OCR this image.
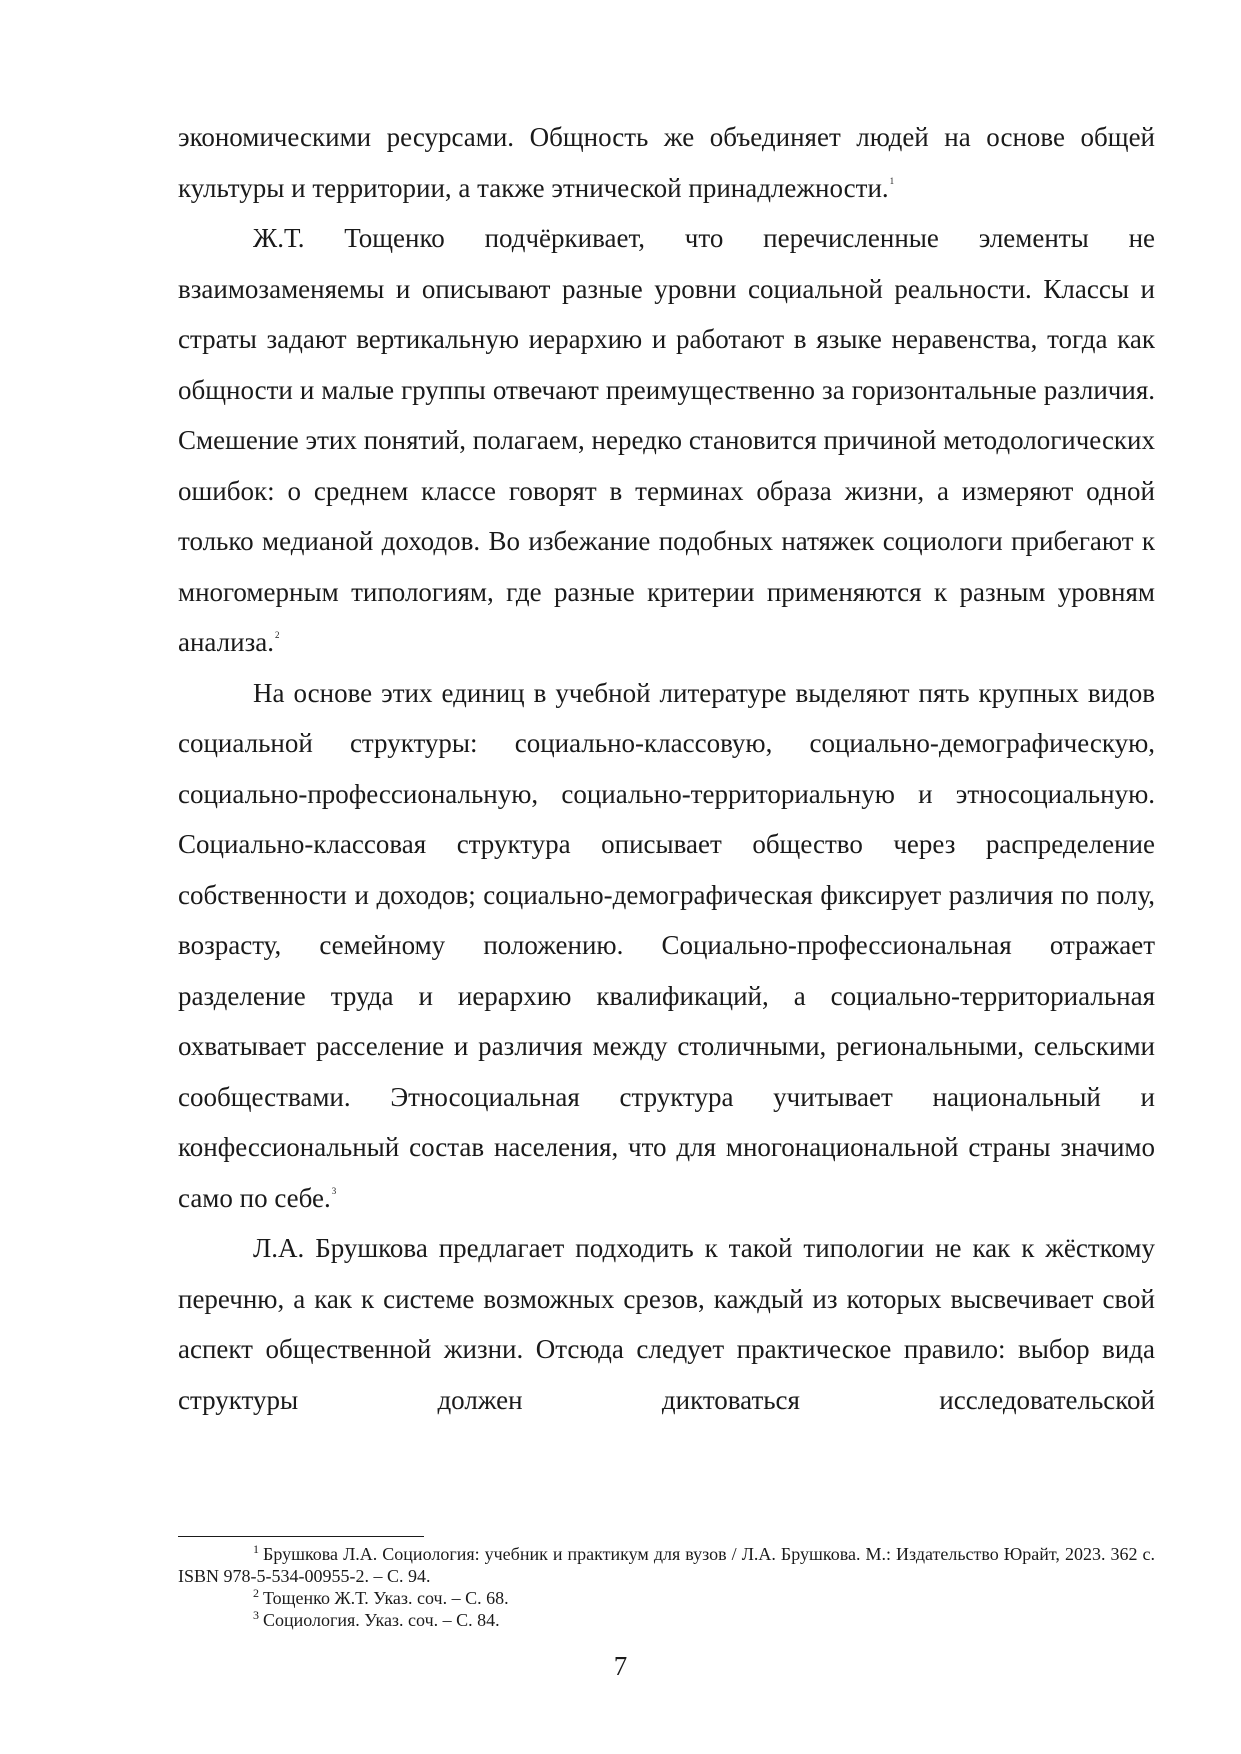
экономическими ресурсами. Общность же объединяет людей на основе общей культуры и территории, а также этнической принадлежности.$^1$

Ж.Т. Тощенко подчёркивает, что перечисленные элементы не взаимозаменяемы и описывают разные уровни социальной реальности. Классы и страты задают вертикальную иерархию и работают в языке неравенства, тогда как общности и малые группы отвечают преимущественно за горизонтальные различия. Смешение этих понятий, полагаем, нередко становится причиной методологических ошибок: о среднем классе говорят в терминах образа жизни, а измеряют одной только медианой доходов. Во избежание подобных натяжек социологи прибегают к многомерным типологиям, где разные критерии применяются к разным уровням анализа.$^2$

На основе этих единиц в учебной литературе выделяют пять крупных видов социальной структуры: социально-классовую, социально-демографическую, социально-профессиональную, социально-территориальную и этносоциальную. Социально-классовая структура описывает общество через распределение собственности и доходов; социально-демографическая фиксирует различия по полу, возрасту, семейному положению. Социально-профессиональная отражает разделение труда и иерархию квалификаций, а социально-территориальная охватывает расселение и различия между столичными, региональными, сельскими сообществами. Этносоциальная структура учитывает национальный и конфессиональный состав населения, что для многонациональной страны значимо само по себе.$^3$

Л.А. Брушкова предлагает подходить к такой типологии не как к жёсткому перечню, а как к системе возможных срезов, каждый из которых высвечивает свой аспект общественной жизни. Отсюда следует практическое правило: выбор вида структуры должен диктоваться исследовательской

$^1$ Брушкова Л.А. Социология: учебник и практикум для вузов / Л.А. Брушкова. М.: Издательство Юрайт, 2023. 362 с. ISBN 978-5-534-00955-2. – С. 94.

$^2$ Тощенко Ж.Т. Указ. соч. – С. 68.

$^3$ Социология. Указ. соч. – С. 84.

7
